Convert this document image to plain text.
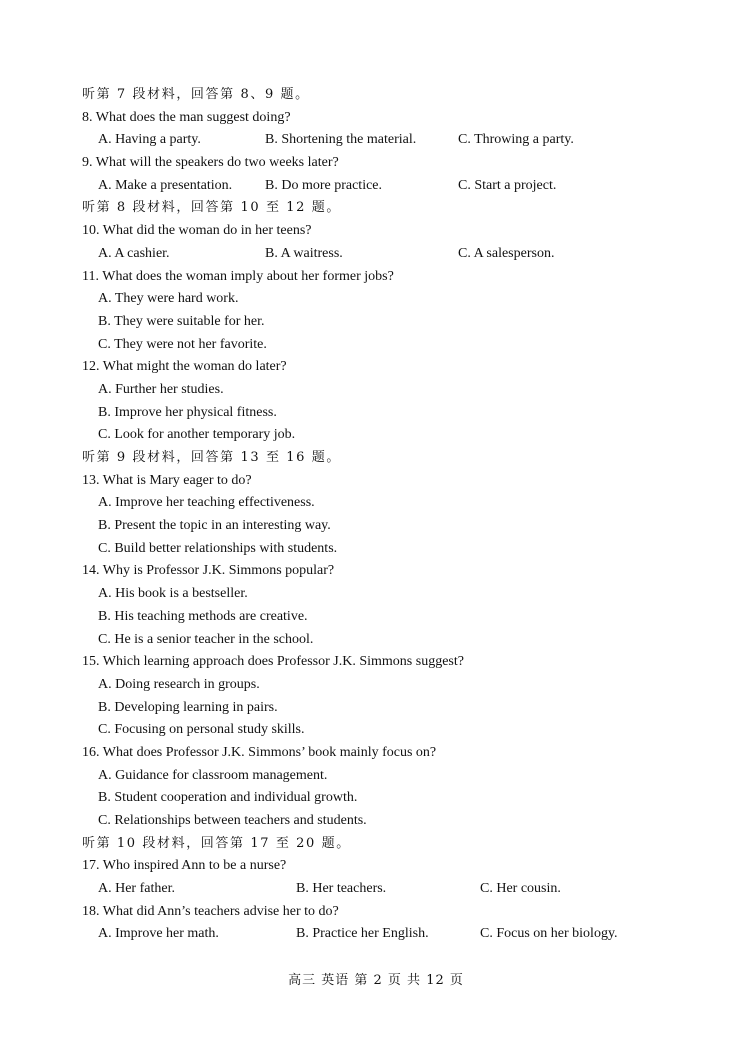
听第 7 段材料，回答第 8、9 题。
8. What does the man suggest doing?
A. Having a party.	B. Shortening the material.	C. Throwing a party.
9. What will the speakers do two weeks later?
A. Make a presentation. B. Do more practice.	C. Start a project.
听第 8 段材料，回答第 10 至 12 题。
10. What did the woman do in her teens?
A. A cashier.	B. A waitress.	C. A salesperson.
11. What does the woman imply about her former jobs?
A. They were hard work.
B. They were suitable for her.
C. They were not her favorite.
12. What might the woman do later?
A. Further her studies.
B. Improve her physical fitness.
C. Look for another temporary job.
听第 9 段材料，回答第 13 至 16 题。
13. What is Mary eager to do?
A. Improve her teaching effectiveness.
B. Present the topic in an interesting way.
C. Build better relationships with students.
14. Why is Professor J.K. Simmons popular?
A. His book is a bestseller.
B. His teaching methods are creative.
C. He is a senior teacher in the school.
15. Which learning approach does Professor J.K. Simmons suggest?
A. Doing research in groups.
B. Developing learning in pairs.
C. Focusing on personal study skills.
16. What does Professor J.K. Simmons’ book mainly focus on?
A. Guidance for classroom management.
B. Student cooperation and individual growth.
C. Relationships between teachers and students.
听第 10 段材料，回答第 17 至 20 题。
17. Who inspired Ann to be a nurse?
A. Her father.	B. Her teachers.	C. Her cousin.
18. What did Ann’s teachers advise her to do?
A. Improve her math.	B. Practice her English.	C. Focus on her biology.
高三 英语 第 2 页 共 12 页
